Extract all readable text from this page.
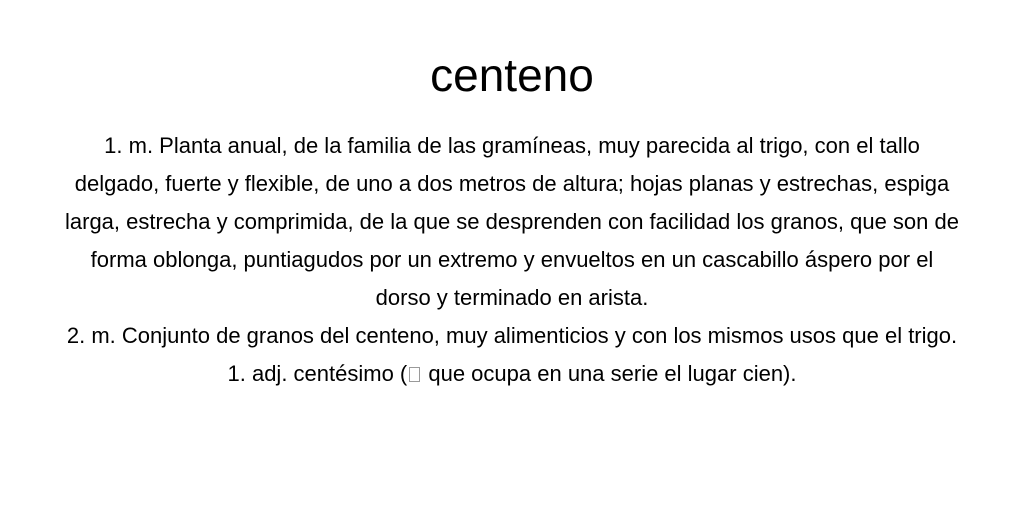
centeno

1. m. Planta anual, de la familia de las gramíneas, muy parecida al trigo, con el tallo delgado, fuerte y flexible, de uno a dos metros de altura; hojas planas y estrechas, espiga larga, estrecha y comprimida, de la que se desprenden con facilidad los granos, que son de forma oblonga, puntiagudos por un extremo y envueltos en un cascabillo áspero por el dorso y terminado en arista.

2. m. Conjunto de granos del centeno, muy alimenticios y con los mismos usos que el trigo.

1. adj. centésimo ( que ocupa en una serie el lugar cien).
